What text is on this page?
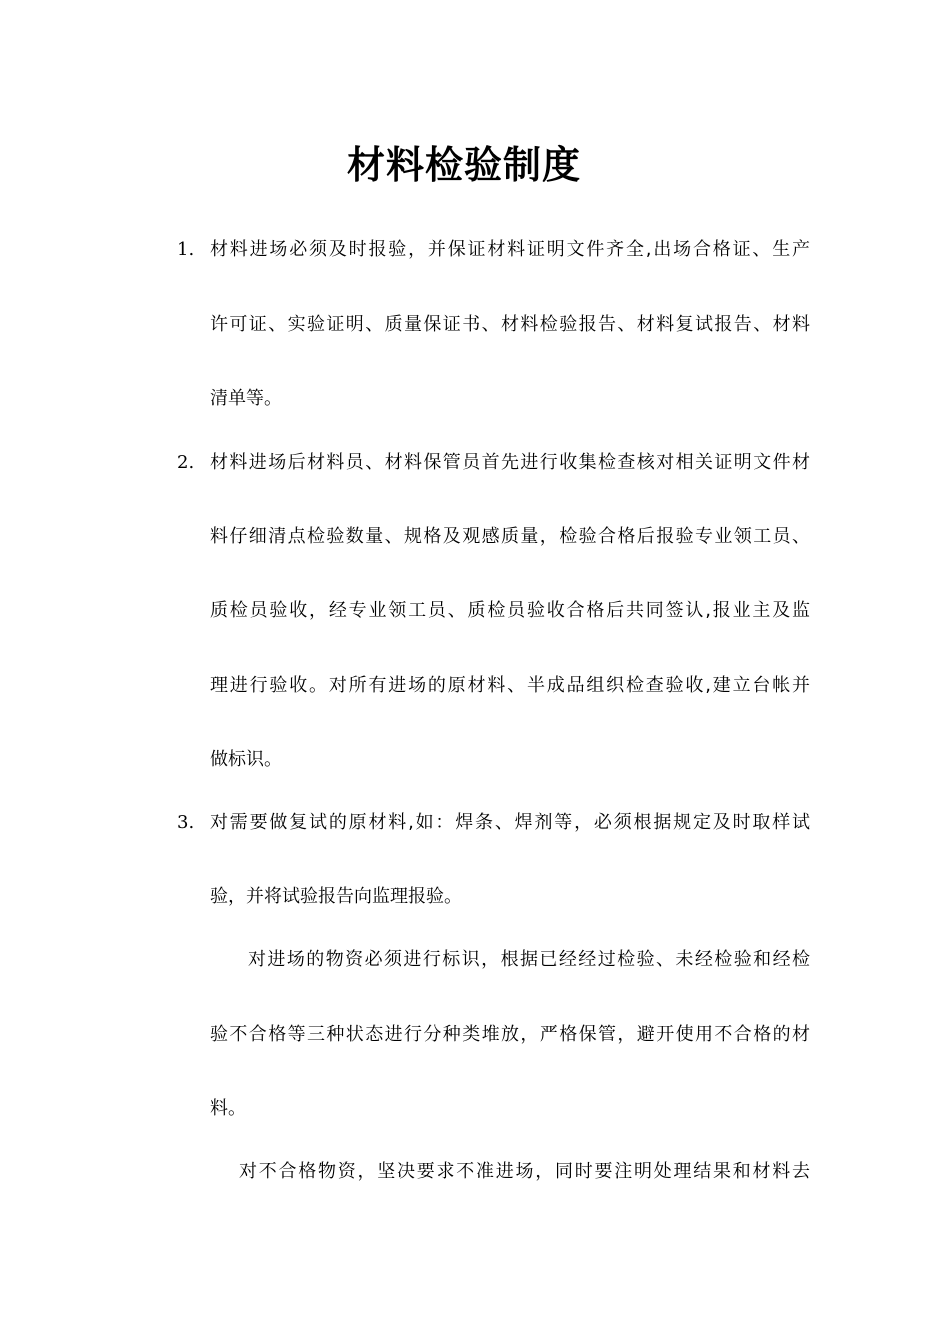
材料检验制度
1. 材料进场必须及时报验，并保证材料证明文件齐全,出场合格证、生产
许可证、实验证明、质量保证书、材料检验报告、材料复试报告、材料
清单等。
2. 材料进场后材料员、材料保管员首先进行收集检查核对相关证明文件材
料仔细清点检验数量、规格及观感质量，检验合格后报验专业领工员、
质检员验收，经专业领工员、质检员验收合格后共同签认,报业主及监
理进行验收。对所有进场的原材料、半成品组织检查验收,建立台帐并
做标识。
3. 对需要做复试的原材料,如：焊条、焊剂等，必须根据规定及时取样试
验，并将试验报告向监理报验。
对进场的物资必须进行标识，根据已经经过检验、未经检验和经检
验不合格等三种状态进行分种类堆放，严格保管，避开使用不合格的材
料。
对不合格物资，坚决要求不准进场，同时要注明处理结果和材料去
